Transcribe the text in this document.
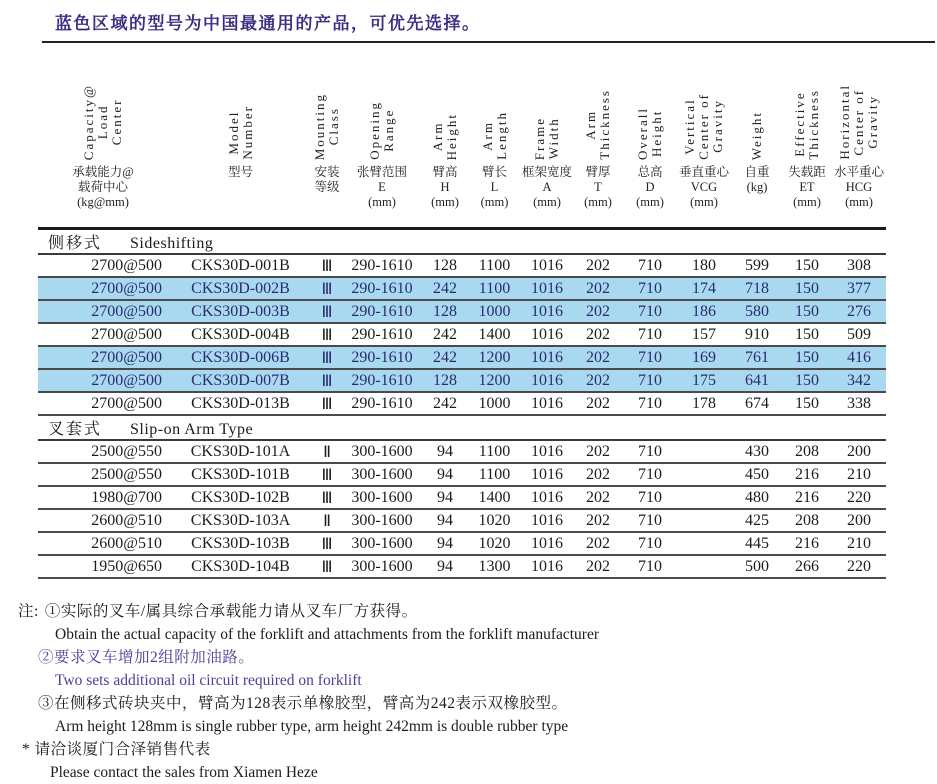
蓝色区域的型号为中国最通用的产品，可优先选择。
Capacity@
Load
Center
承载能力@
载荷中心
(kg@mm)

Model
Number
型号

Mounting
Class
安装
等级

Opening
Range
张臂范围
E
(mm)

Arm
Height
臂高
H
(mm)

Arm
Length
臂长
L
(mm)

Frame
Width
框架宽度
A
(mm)

Arm
Thickness
臂厚
T
(mm)

Overall
Height
总高
D
(mm)

Vertical
Center of
Gravity
垂直重心
VCG
(mm)

Weight
自重
(kg)

Effective
Thickness
失载距
ET
(mm)

Horizontal
Center of
Gravity
水平重心
HCG
(mm)

侧移式 Sideshifting												
2700@500	CKS30D-001B	Ⅲ	290-1610	128	1100	1016	202	710	180	599	150	308
2700@500	CKS30D-002B	Ⅲ	290-1610	242	1100	1016	202	710	174	718	150	377
2700@500	CKS30D-003B	Ⅲ	290-1610	128	1000	1016	202	710	186	580	150	276
2700@500	CKS30D-004B	Ⅲ	290-1610	242	1400	1016	202	710	157	910	150	509
2700@500	CKS30D-006B	Ⅲ	290-1610	242	1200	1016	202	710	169	761	150	416
2700@500	CKS30D-007B	Ⅲ	290-1610	128	1200	1016	202	710	175	641	150	342
2700@500	CKS30D-013B	Ⅲ	290-1610	242	1000	1016	202	710	178	674	150	338
叉套式 Slip-on Arm Type												
2500@550	CKS30D-101A	Ⅱ	300-1600	94	1100	1016	202	710		430	208	200
2500@550	CKS30D-101B	Ⅲ	300-1600	94	1100	1016	202	710		450	216	210
1980@700	CKS30D-102B	Ⅲ	300-1600	94	1400	1016	202	710		480	216	220
2600@510	CKS30D-103A	Ⅱ	300-1600	94	1020	1016	202	710		425	208	200
2600@510	CKS30D-103B	Ⅲ	300-1600	94	1020	1016	202	710		445	216	210
1950@650	CKS30D-104B	Ⅲ	300-1600	94	1300	1016	202	710		500	266	220
注: ①实际的叉车/属具综合承载能力请从叉车厂方获得。
Obtain the actual capacity of the forklift and attachments from the forklift manufacturer
②要求叉车增加2组附加油路。
Two sets additional oil circuit required on forklift
③在侧移式砖块夹中，臂高为128表示单橡胶型，臂高为242表示双橡胶型。
Arm height 128mm is single rubber type, arm height 242mm is double rubber type
* 请洽谈厦门合泽销售代表
Please contact the sales from Xiamen Heze
